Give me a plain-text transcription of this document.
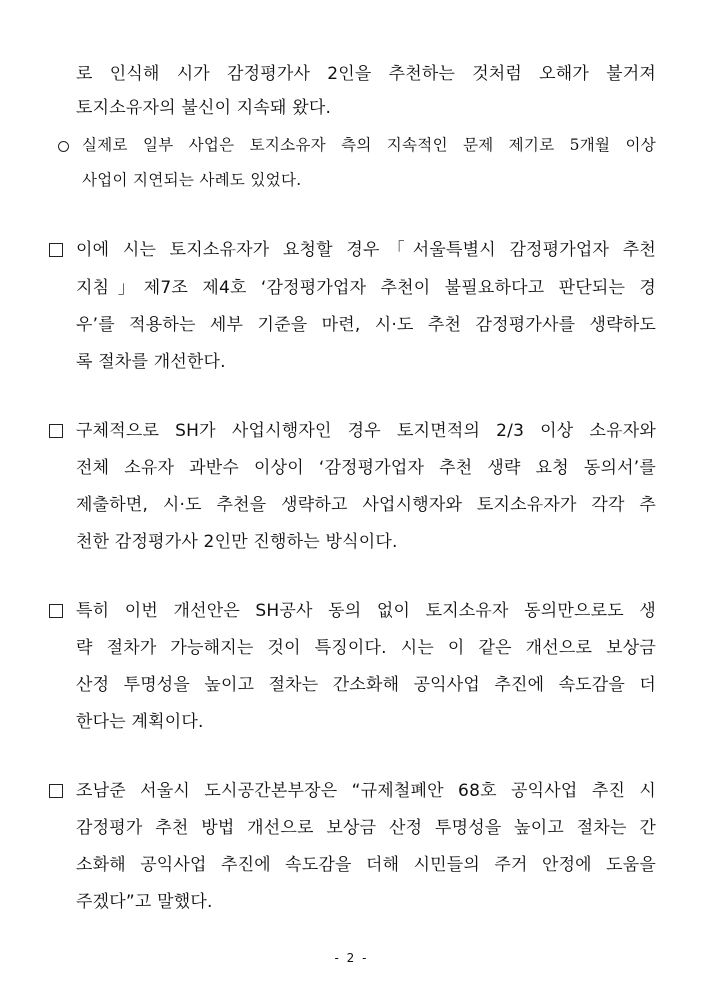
로 인식해 시가 감정평가사 2인을 추천하는 것처럼 오해가 불거져
토지소유자의 불신이 지속돼 왔다.
실제로 일부 사업은 토지소유자 측의 지속적인 문제 제기로 5개월 이상
사업이 지연되는 사례도 있었다.
이에 시는 토지소유자가 요청할 경우「서울특별시 감정평가업자 추천
지침」제7조 제4호 ‘감정평가업자 추천이 불필요하다고 판단되는 경
우’를 적용하는 세부 기준을 마련, 시·도 추천 감정평가사를 생략하도
록 절차를 개선한다.
구체적으로 SH가 사업시행자인 경우 토지면적의 2/3 이상 소유자와
전체 소유자 과반수 이상이 ‘감정평가업자 추천 생략 요청 동의서’를
제출하면, 시·도 추천을 생략하고 사업시행자와 토지소유자가 각각 추
천한 감정평가사 2인만 진행하는 방식이다.
특히 이번 개선안은 SH공사 동의 없이 토지소유자 동의만으로도 생
략 절차가 가능해지는 것이 특징이다. 시는 이 같은 개선으로 보상금
산정 투명성을 높이고 절차는 간소화해 공익사업 추진에 속도감을 더
한다는 계획이다.
조남준 서울시 도시공간본부장은 “규제철폐안 68호 공익사업 추진 시
감정평가 추천 방법 개선으로 보상금 산정 투명성을 높이고 절차는 간
소화해 공익사업 추진에 속도감을 더해 시민들의 주거 안정에 도움을
주겠다”고 말했다.
- 2 -
